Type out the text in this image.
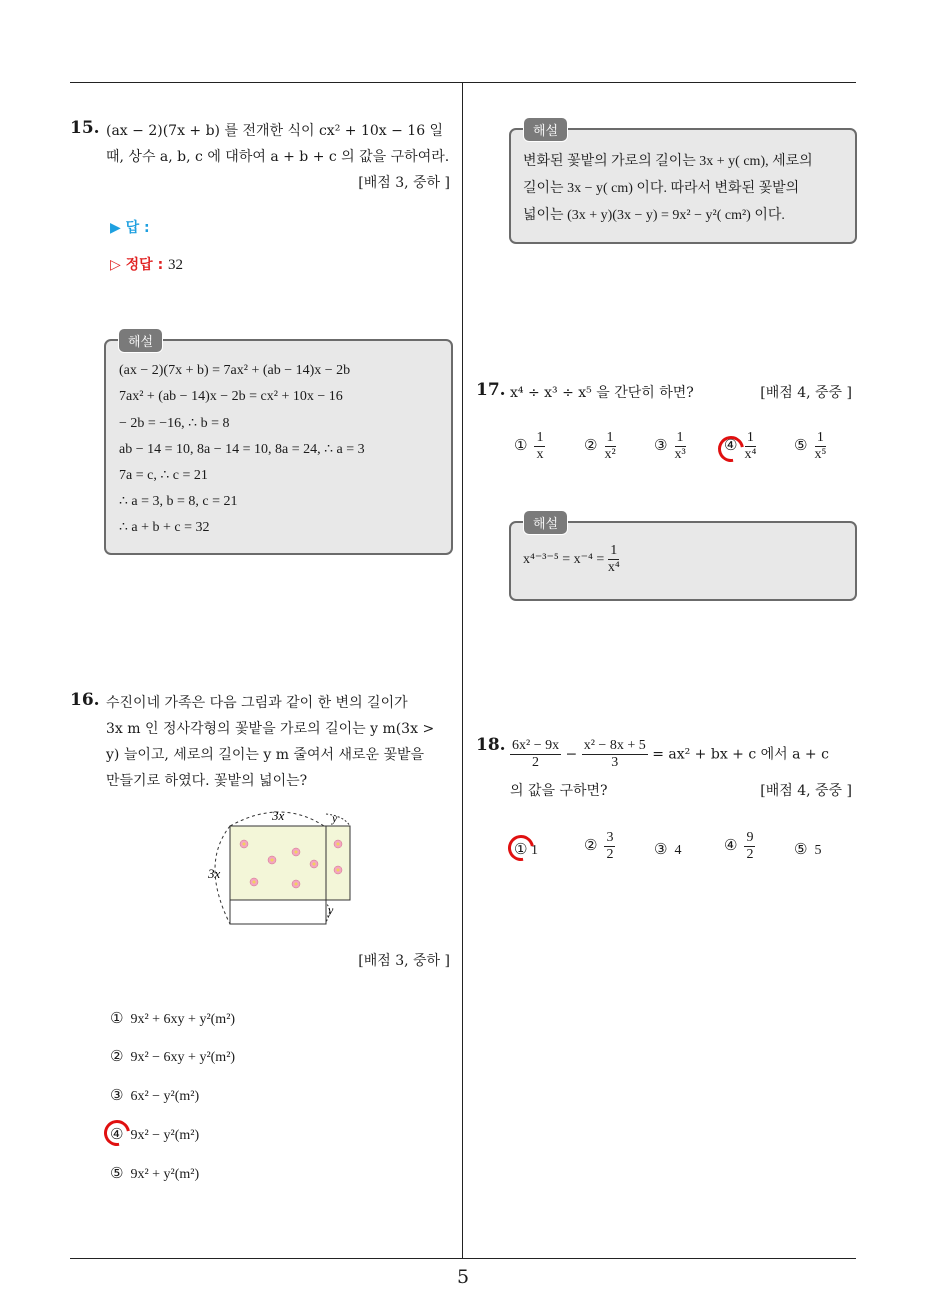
5
15. (ax − 2)(7x + b) 를 전개한 식이 cx² + 10x − 16 일
때, 상수 a, b, c 에 대하여 a + b + c 의 값을 구하여라.
[배점 3, 중하 ]
▶ 답 :
▷ 정답 : 32
해설
(ax − 2)(7x + b) = 7ax² + (ab − 14)x − 2b
7ax² + (ab − 14)x − 2b = cx² + 10x − 16
− 2b = −16, ∴ b = 8
ab − 14 = 10, 8a − 14 = 10, 8a = 24, ∴ a = 3
7a = c, ∴ c = 21
∴ a = 3, b = 8, c = 21
∴ a + b + c = 32
16. 수진이네 가족은 다음 그림과 같이 한 변의 길이가
3x m 인 정사각형의 꽃밭을 가로의 길이는 y m(3x >
y) 늘이고, 세로의 길이는 y m 줄여서 새로운 꽃밭을
만들기로 하였다. 꽃밭의 넓이는?
3x
3x
y
y
[배점 3, 중하 ]
① 9x² + 6xy + y²(m²)
② 9x² − 6xy + y²(m²)
③ 6x² − y²(m²)
④ 9x² − y²(m²)
⑤ 9x² + y²(m²)
해설
변화된 꽃밭의 가로의 길이는 3x + y( cm), 세로의
길이는 3x − y( cm) 이다. 따라서 변화된 꽃밭의
넓이는 (3x + y)(3x − y) = 9x² − y²( cm²) 이다.
17. x⁴ ÷ x³ ÷ x⁵ 을 간단히 하면?	[배점 4, 중중 ]
① $\frac{1}{x}$	② $\frac{1}{\text{x²}}$	③ $\frac{1}{\text{x³}}$	④ $\frac{1}{\text{x⁴}}$	⑤ $\frac{1}{\text{x⁵}}$
해설
$x^{4-3-5} = x^{-4} = \frac{1}{\text{x⁴}}$
18. $\frac{\text{6x² − 9x}}{2} - \frac{\text{x² − 8x + 5}}{3} = ax^2$ + bx + c 에서 a + c
의 값을 구하면?	[배점 4, 중중 ]
① 1	② $\frac{3}{2}$	③ 4	④ $\frac{9}{2}$	⑤ 5
